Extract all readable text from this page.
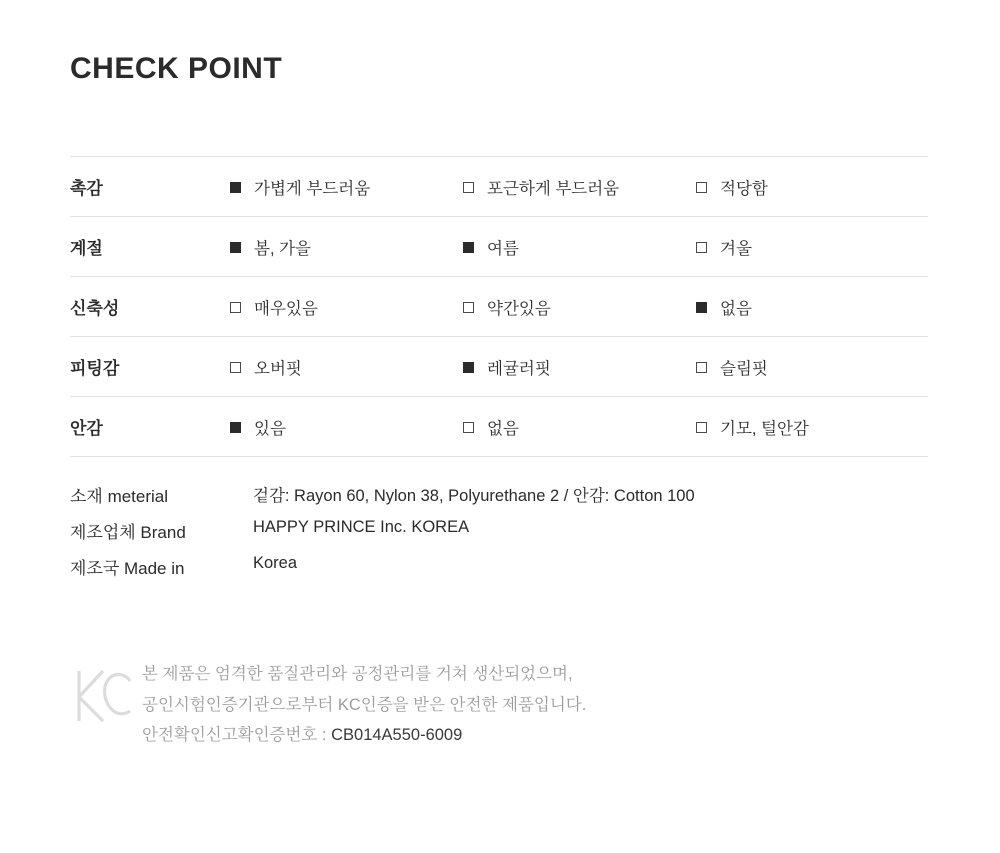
CHECK POINT
촉감	가볍게 부드러움	포근하게 부드러움	적당함
계절	봄, 가을	여름	겨울
신축성	매우있음	약간있음	없음
피팅감	오버핏	레귤러핏	슬림핏
안감	있음	없음	기모, 털안감
소재 meterial	겉감: Rayon 60, Nylon 38, Polyurethane 2 / 안감: Cotton 100
제조업체 Brand	HAPPY PRINCE Inc. KOREA
제조국 Made in	Korea
본 제품은 엄격한 품질관리와 공정관리를 거쳐 생산되었으며,
공인시험인증기관으로부터 KC인증을 받은 안전한 제품입니다.
안전확인신고확인증번호 : CB014A550-6009
